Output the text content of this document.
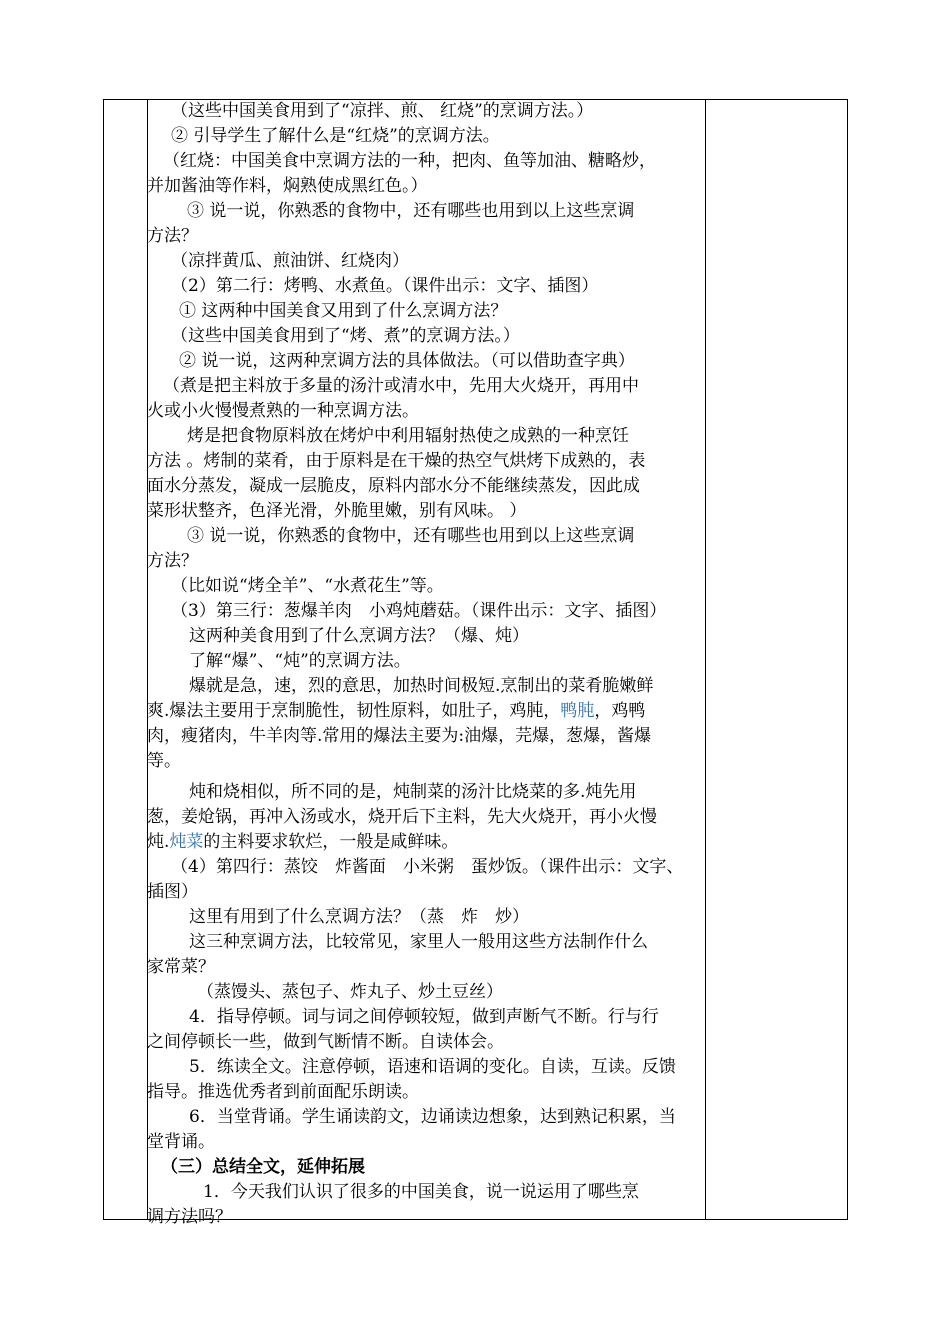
（这些中国美食用到了“凉拌、煎、 红烧”的烹调方法。）
② 引导学生了解什么是“红烧”的烹调方法。
（红烧：中国美食中烹调方法的一种，把肉、鱼等加油、糖略炒，
并加酱油等作料，焖熟使成黑红色。）
③ 说一说，你熟悉的食物中，还有哪些也用到以上这些烹调
方法？
（凉拌黄瓜、煎油饼、红烧肉）
（2）第二行：烤鸭、水煮鱼。（课件出示：文字、插图）
① 这两种中国美食又用到了什么烹调方法？
（这些中国美食用到了“烤、煮”的烹调方法。）
② 说一说，这两种烹调方法的具体做法。（可以借助查字典）
（煮是把主料放于多量的汤汁或清水中，先用大火烧开，再用中
火或小火慢慢煮熟的一种烹调方法。
烤是把食物原料放在烤炉中利用辐射热使之成熟的一种烹饪
方法 。烤制的菜肴，由于原料是在干燥的热空气烘烤下成熟的，表
面水分蒸发，凝成一层脆皮，原料内部水分不能继续蒸发，因此成
菜形状整齐，色泽光滑，外脆里嫩，别有风味。 ）
③ 说一说，你熟悉的食物中，还有哪些也用到以上这些烹调
方法？
（比如说“烤全羊”、“水煮花生”等。
（3）第三行：葱爆羊肉　小鸡炖蘑菇。（课件出示：文字、插图）
这两种美食用到了什么烹调方法？（爆、炖）
了解“爆”、“炖”的烹调方法。
爆就是急，速，烈的意思，加热时间极短.烹制出的菜肴脆嫩鲜
爽.爆法主要用于烹制脆性，韧性原料，如肚子，鸡肫，鸭肫，鸡鸭
肉，瘦猪肉，牛羊肉等.常用的爆法主要为:油爆，芫爆，葱爆，酱爆
等。
炖和烧相似，所不同的是，炖制菜的汤汁比烧菜的多.炖先用
葱，姜炝锅，再冲入汤或水，烧开后下主料，先大火烧开，再小火慢
炖.炖菜的主料要求软烂，一般是咸鲜味。
（4）第四行：蒸饺　炸酱面　小米粥　蛋炒饭。（课件出示：文字、
插图）
这里有用到了什么烹调方法？（蒸　炸　炒）
这三种烹调方法，比较常见，家里人一般用这些方法制作什么
家常菜？
（蒸馒头、蒸包子、炸丸子、炒土豆丝）
4．指导停顿。词与词之间停顿较短，做到声断气不断。行与行
之间停顿长一些，做到气断情不断。自读体会。
5．练读全文。注意停顿，语速和语调的变化。自读，互读。反馈
指导。推选优秀者到前面配乐朗读。
6．当堂背诵。学生诵读韵文，边诵读边想象，达到熟记积累，当
堂背诵。
（三）总结全文，延伸拓展
1．今天我们认识了很多的中国美食，说一说运用了哪些烹
调方法吗？
